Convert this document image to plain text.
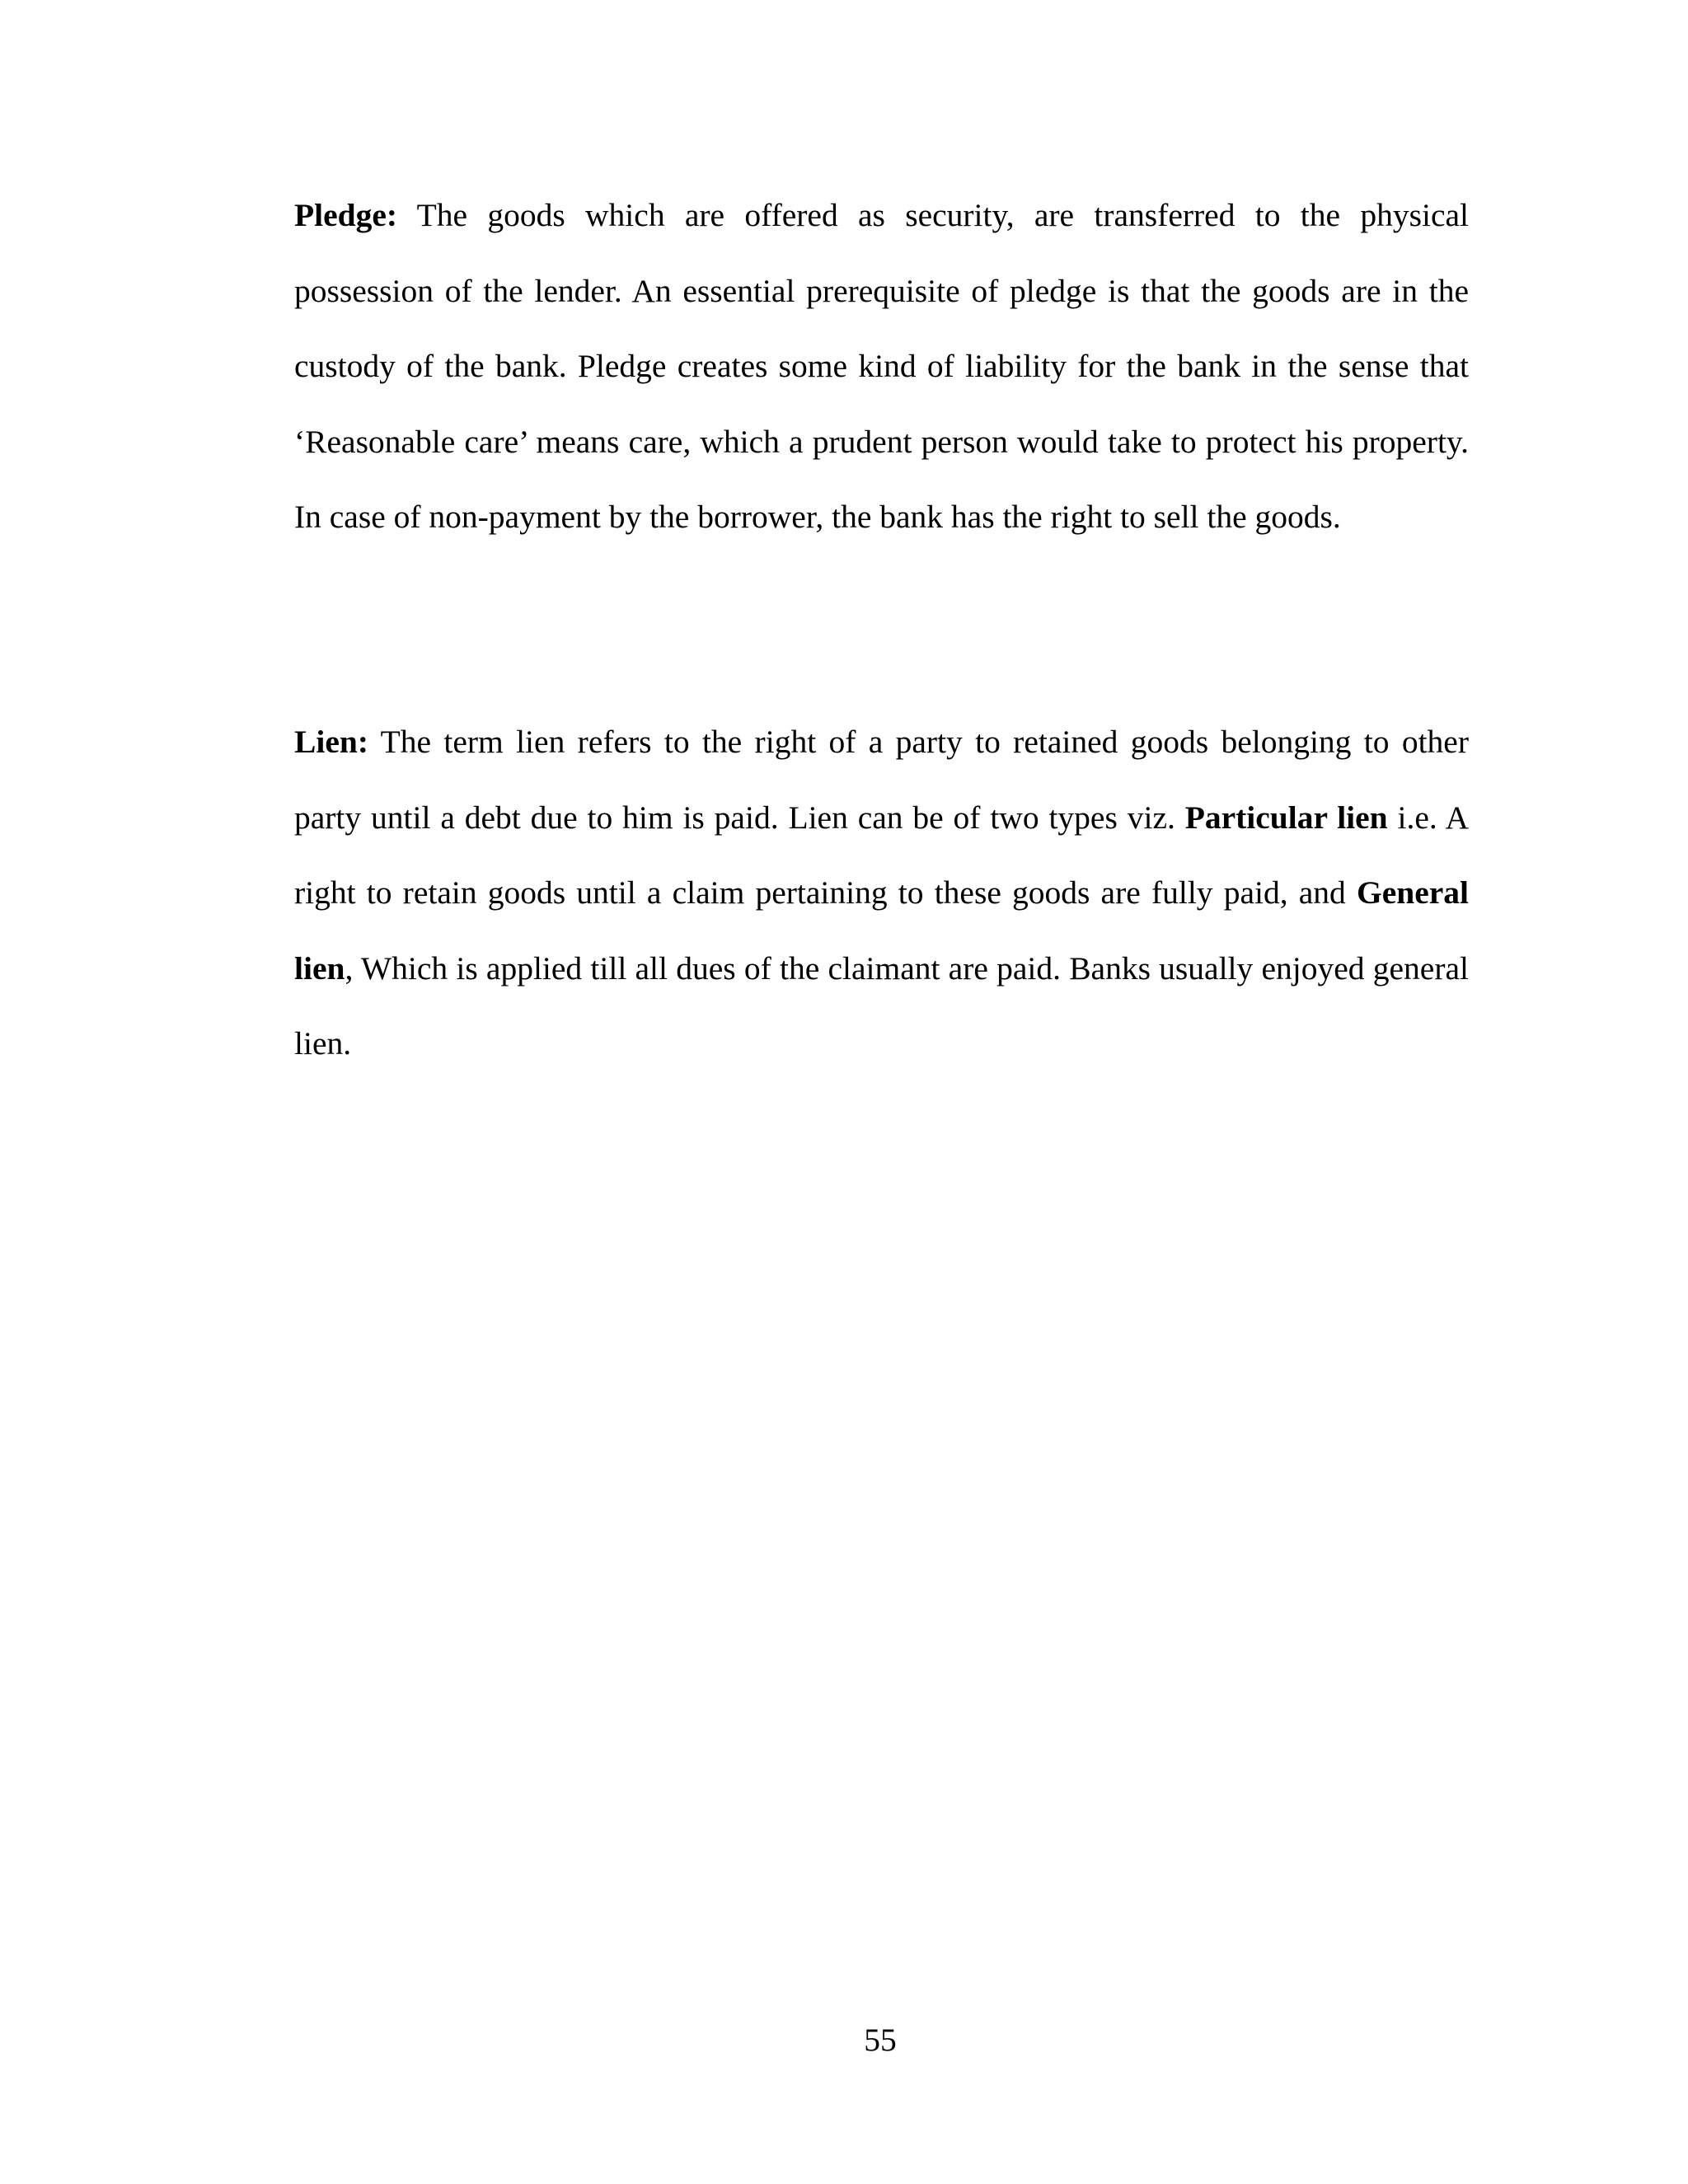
Pledge: The goods which are offered as security, are transferred to the physical possession of the lender. An essential prerequisite of pledge is that the goods are in the custody of the bank. Pledge creates some kind of liability for the bank in the sense that ‘Reasonable care’ means care, which a prudent person would take to protect his property. In case of non-payment by the borrower, the bank has the right to sell the goods.

Lien: The term lien refers to the right of a party to retained goods belonging to other party until a debt due to him is paid. Lien can be of two types viz. Particular lien i.e. A right to retain goods until a claim pertaining to these goods are fully paid, and General lien, Which is applied till all dues of the claimant are paid. Banks usually enjoyed general lien.

55
